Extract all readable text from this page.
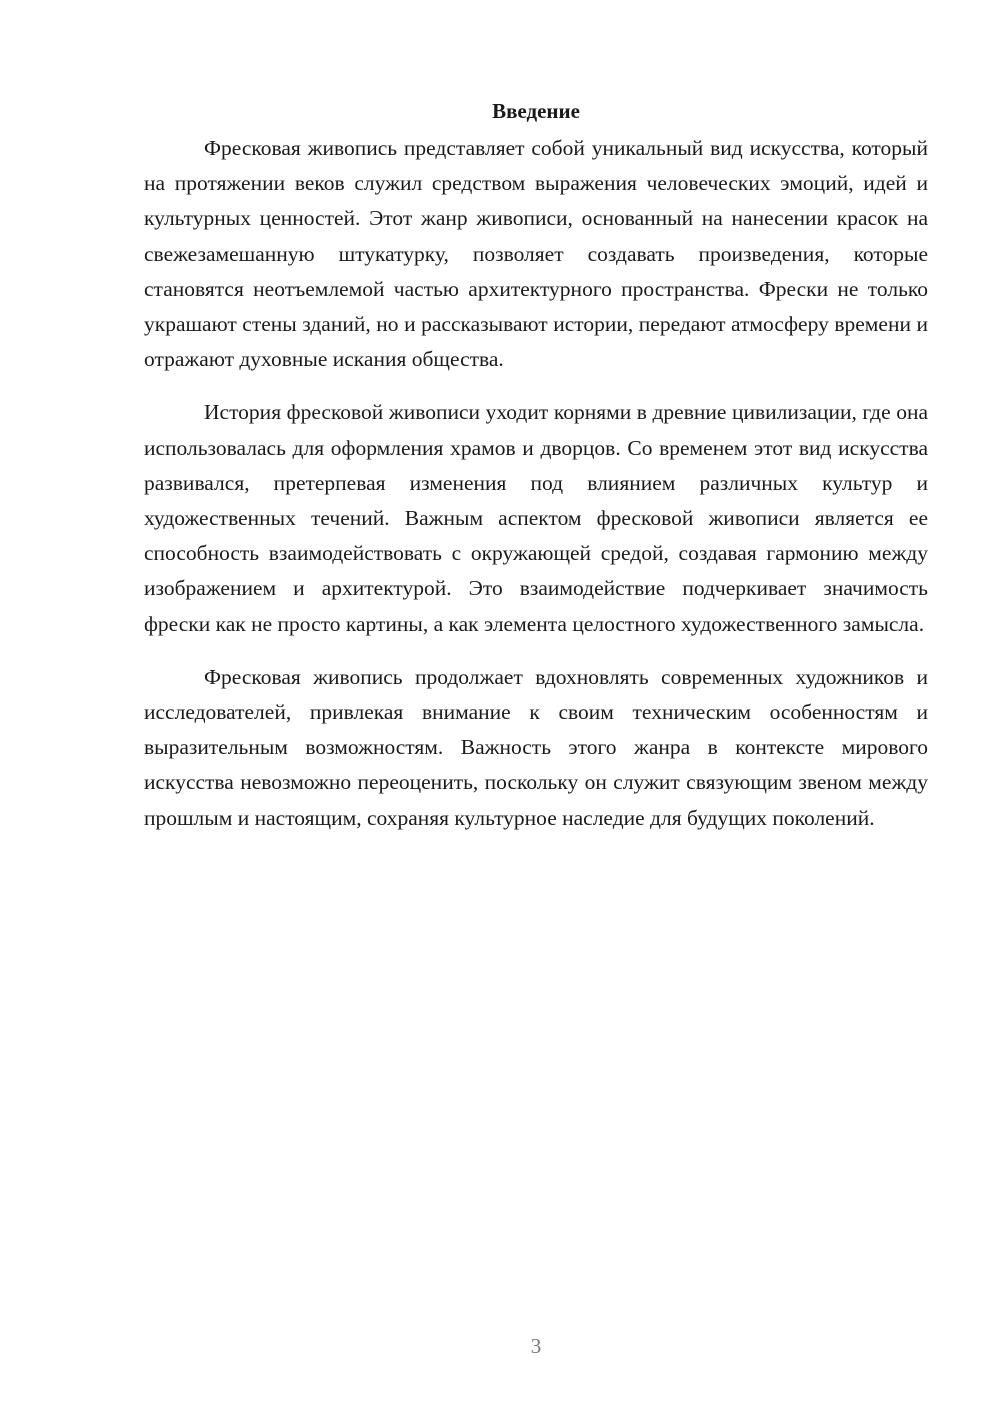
Введение

Фресковая живопись представляет собой уникальный вид искусства, который на протяжении веков служил средством выражения человеческих эмоций, идей и культурных ценностей. Этот жанр живописи, основанный на нанесении красок на свежезамешанную штукатурку, позволяет создавать произведения, которые становятся неотъемлемой частью архитектурного пространства. Фрески не только украшают стены зданий, но и рассказывают истории, передают атмосферу времени и отражают духовные искания общества.

История фресковой живописи уходит корнями в древние цивилизации, где она использовалась для оформления храмов и дворцов. Со временем этот вид искусства развивался, претерпевая изменения под влиянием различных культур и художественных течений. Важным аспектом фресковой живописи является ее способность взаимодействовать с окружающей средой, создавая гармонию между изображением и архитектурой. Это взаимодействие подчеркивает значимость фрески как не просто картины, а как элемента целостного художественного замысла.

Фресковая живопись продолжает вдохновлять современных художников и исследователей, привлекая внимание к своим техническим особенностям и выразительным возможностям. Важность этого жанра в контексте мирового искусства невозможно переоценить, поскольку он служит связующим звеном между прошлым и настоящим, сохраняя культурное наследие для будущих поколений.

3
